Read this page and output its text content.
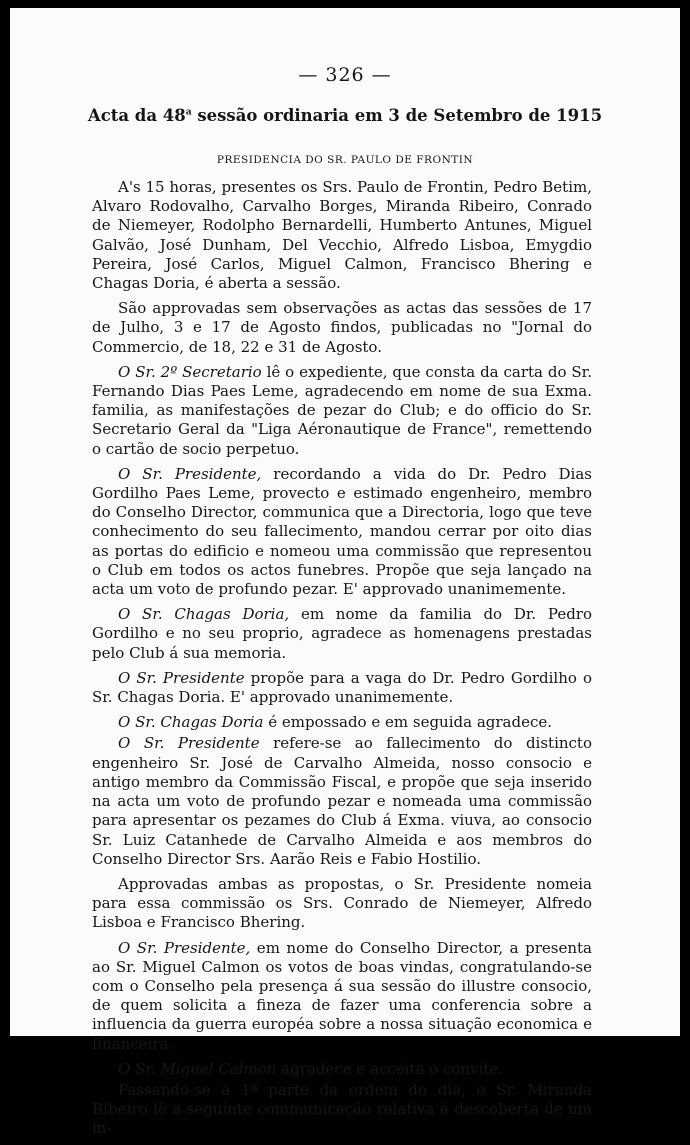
— 326 —
Acta da 48$^a$ sessão ordinaria em 3 de Setembro de 1915
PRESIDENCIA DO SR. PAULO DE FRONTIN

A's 15 horas, presentes os Srs. Paulo de Frontin, Pedro Betim, Alvaro Rodovalho, Carvalho Borges, Miranda Ribeiro, Conrado de Niemeyer, Rodolpho Bernardelli, Humberto Antunes, Miguel Galvão, José Dunham, Del Vecchio, Alfredo Lisboa, Emygdio Pereira, José Carlos, Miguel Calmon, Francisco Bhering e Chagas Doria, é aberta a sessão.

São approvadas sem observações as actas das sessões de 17 de Julho, 3 e 17 de Agosto findos, publicadas no "Jornal do Commercio, de 18, 22 e 31 de Agosto.

O Sr. 2º Secretario lê o expediente, que consta da carta do Sr. Fernando Dias Paes Leme, agradecendo em nome de sua Exma. familia, as manifestações de pezar do Club; e do officio do Sr. Secretario Geral da "Liga Aéronautique de France", remettendo o cartão de socio perpetuo.

O Sr. Presidente, recordando a vida do Dr. Pedro Dias Gordilho Paes Leme, provecto e estimado engenheiro, membro do Conselho Director, communica que a Directoria, logo que teve conhecimento do seu fallecimento, mandou cerrar por oito dias as portas do edificio e nomeou uma commissão que representou o Club em todos os actos funebres. Propõe que seja lançado na acta um voto de profundo pezar. E' approvado unanimemente.

O Sr. Chagas Doria, em nome da familia do Dr. Pedro Gordilho e no seu proprio, agradece as homenagens prestadas pelo Club á sua memoria.

O Sr. Presidente propõe para a vaga do Dr. Pedro Gordilho o Sr. Chagas Doria. E' approvado unanimemente.

O Sr. Chagas Doria é empossado e em seguida agradece.

O Sr. Presidente refere-se ao fallecimento do distincto engenheiro Sr. José de Carvalho Almeida, nosso consocio e antigo membro da Commissão Fiscal, e propõe que seja inserido na acta um voto de profundo pezar e nomeada uma commissão para apresentar os pezames do Club á Exma. viuva, ao consocio Sr. Luiz Catanhede de Carvalho Almeida e aos membros do Conselho Director Srs. Aarão Reis e Fabio Hostilio.

Approvadas ambas as propostas, o Sr. Presidente nomeia para essa commissão os Srs. Conrado de Niemeyer, Alfredo Lisboa e Francisco Bhering.

O Sr. Presidente, em nome do Conselho Director, a presenta ao Sr. Miguel Calmon os votos de boas vindas, congratulando-se com o Conselho pela presença á sua sessão do illustre consocio, de quem solicita a fineza de fazer uma conferencia sobre a influencia da guerra européa sobre a nossa situação economica e financeira.

O Sr. Miguel Calmon agradece e acceita o convite.

Passando-se á 1ª parte da ordem do dia, o Sr. Miranda Ribeiro lê a seguinte communicação relativa á descoberta de um in-
